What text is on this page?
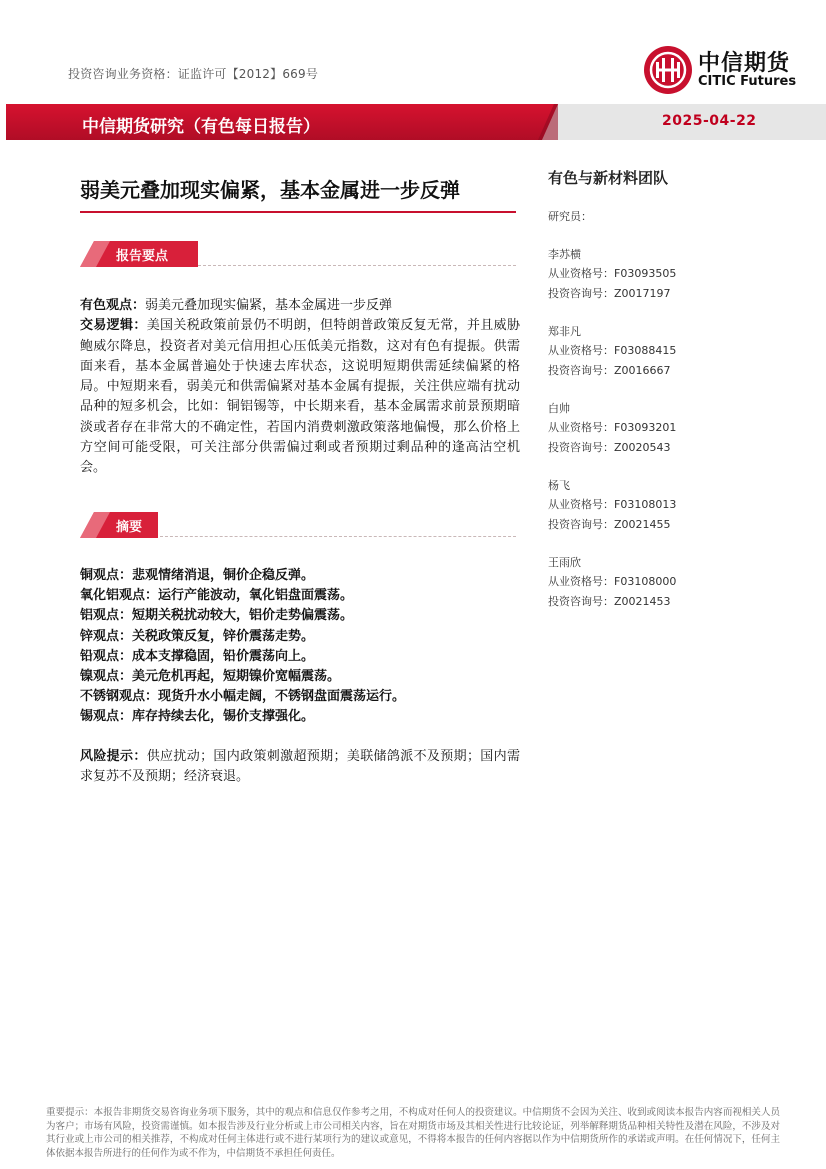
投资咨询业务资格：证监许可【2012】669号	中信期货
CITIC Futures
中信期货研究（有色每日报告）	2025-04-22
弱美元叠加现实偏紧，基本金属进一步反弹
报告要点
有色观点：弱美元叠加现实偏紧，基本金属进一步反弹
交易逻辑：美国关税政策前景仍不明朗，但特朗普政策反复无常，并且威胁鲍威尔降息，投资者对美元信用担心压低美元指数，这对有色有提振。供需面来看，基本金属普遍处于快速去库状态，这说明短期供需延续偏紧的格局。中短期来看，弱美元和供需偏紧对基本金属有提振，关注供应端有扰动品种的短多机会，比如：铜铝锡等，中长期来看，基本金属需求前景预期暗淡或者存在非常大的不确定性，若国内消费刺激政策落地偏慢，那么价格上方空间可能受限，可关注部分供需偏过剩或者预期过剩品种的逢高沽空机会。
摘要
铜观点：悲观情绪消退，铜价企稳反弹。
氧化铝观点：运行产能波动，氧化铝盘面震荡。
铝观点：短期关税扰动较大，铝价走势偏震荡。
锌观点：关税政策反复，锌价震荡走势。
铅观点：成本支撑稳固，铅价震荡向上。
镍观点：美元危机再起，短期镍价宽幅震荡。
不锈钢观点：现货升水小幅走阔，不锈钢盘面震荡运行。
锡观点：库存持续去化，锡价支撑强化。
风险提示：供应扰动；国内政策刺激超预期；美联储鸽派不及预期；国内需求复苏不及预期；经济衰退。
有色与新材料团队
研究员：
李苏横
从业资格号：F03093505
投资咨询号：Z0017197
郑非凡
从业资格号：F03088415
投资咨询号：Z0016667
白帅
从业资格号：F03093201
投资咨询号：Z0020543
杨飞
从业资格号：F03108013
投资咨询号：Z0021455
王雨欣
从业资格号：F03108000
投资咨询号：Z0021453
重要提示：本报告非期货交易咨询业务项下服务，其中的观点和信息仅作参考之用，不构成对任何人的投资建议。中信期货不会因为关注、收到或阅读本报告内容而视相关人员为客户；市场有风险，投资需谨慎。如本报告涉及行业分析或上市公司相关内容，旨在对期货市场及其相关性进行比较论证，列举解释期货品种相关特性及潜在风险，不涉及对其行业或上市公司的相关推荐，不构成对任何主体进行或不进行某项行为的建议或意见，不得将本报告的任何内容据以作为中信期货所作的承诺或声明。在任何情况下，任何主体依据本报告所进行的任何作为或不作为，中信期货不承担任何责任。
